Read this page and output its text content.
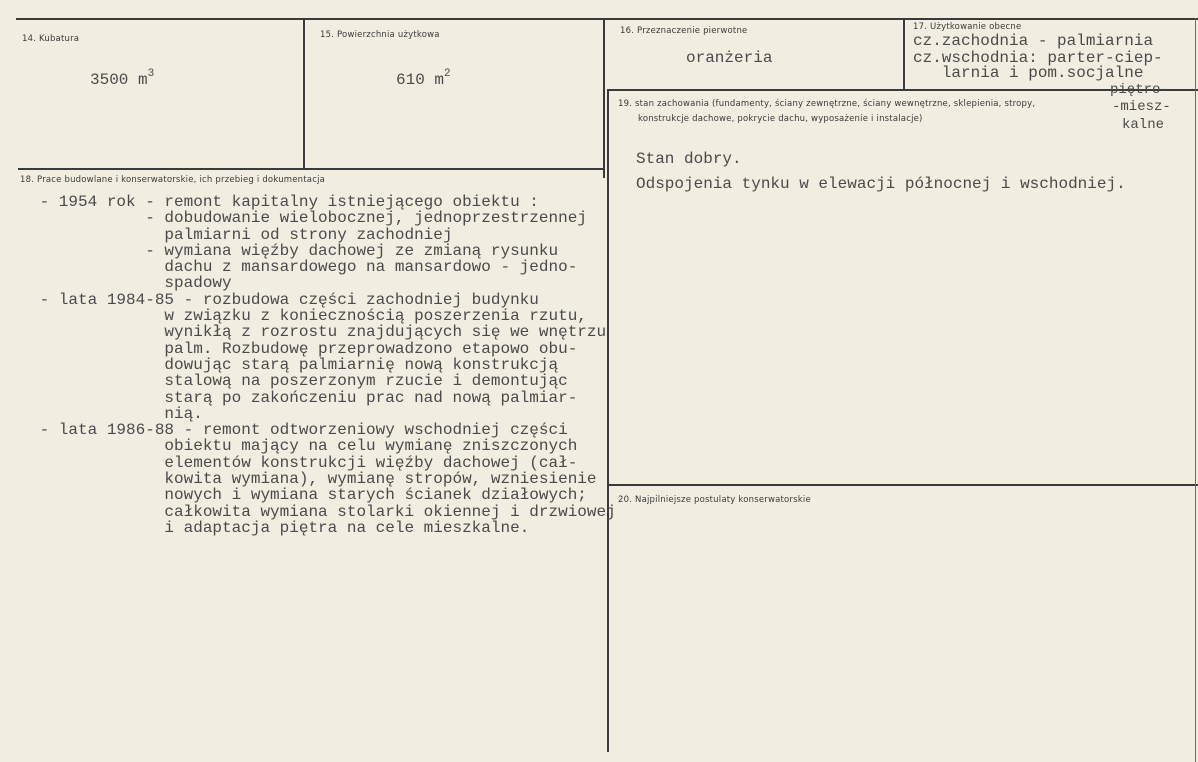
14. Kubatura
3500 $m^3$
15. Powierzchnia użytkowa
610 $m^2$
16. Przeznaczenie pierwotne
oranżeria
17. Użytkowanie obecne
cz.zachodnia - palmiarnia
cz.wschodnia: parter-ciep-
larnia i pom.socjalne
piętro-
-miesz-
kalne
19. stan zachowania (fundamenty, ściany zewnętrzne, ściany wewnętrzne, sklepienia, stropy,
konstrukcje dachowe, pokrycie dachu, wyposażenie i instalacje)
Stan dobry.
Odspojenia tynku w elewacji północnej i wschodniej.
18. Prace budowlane i konserwatorskie, ich przebieg i dokumentacja
- 1954 rok - remont kapitalny istniejącego obiektu :
- dobudowanie wielobocznej, jednoprzestrzennej
palmiarni od strony zachodniej
- wymiana więźby dachowej ze zmianą rysunku
dachu z mansardowego na mansardowo - jedno-
spadowy
- lata 1984-85 - rozbudowa części zachodniej budynku
w związku z koniecznością poszerzenia rzutu,
wynikłą z rozrostu znajdujących się we wnętrzu
palm. Rozbudowę przeprowadzono etapowo obu-
dowując starą palmiarnię nową konstrukcją
stalową na poszerzonym rzucie i demontując
starą po zakończeniu prac nad nową palmiar-
nią.
- lata 1986-88 - remont odtworzeniowy wschodniej części
obiektu mający na celu wymianę zniszczonych
elementów konstrukcji więźby dachowej (cał-
kowita wymiana), wymianę stropów, wzniesienie
nowych i wymiana starych ścianek działowych;
całkowita wymiana stolarki okiennej i drzwiowej
i adaptacja piętra na cele mieszkalne.
20. Najpilniejsze postulaty konserwatorskie
